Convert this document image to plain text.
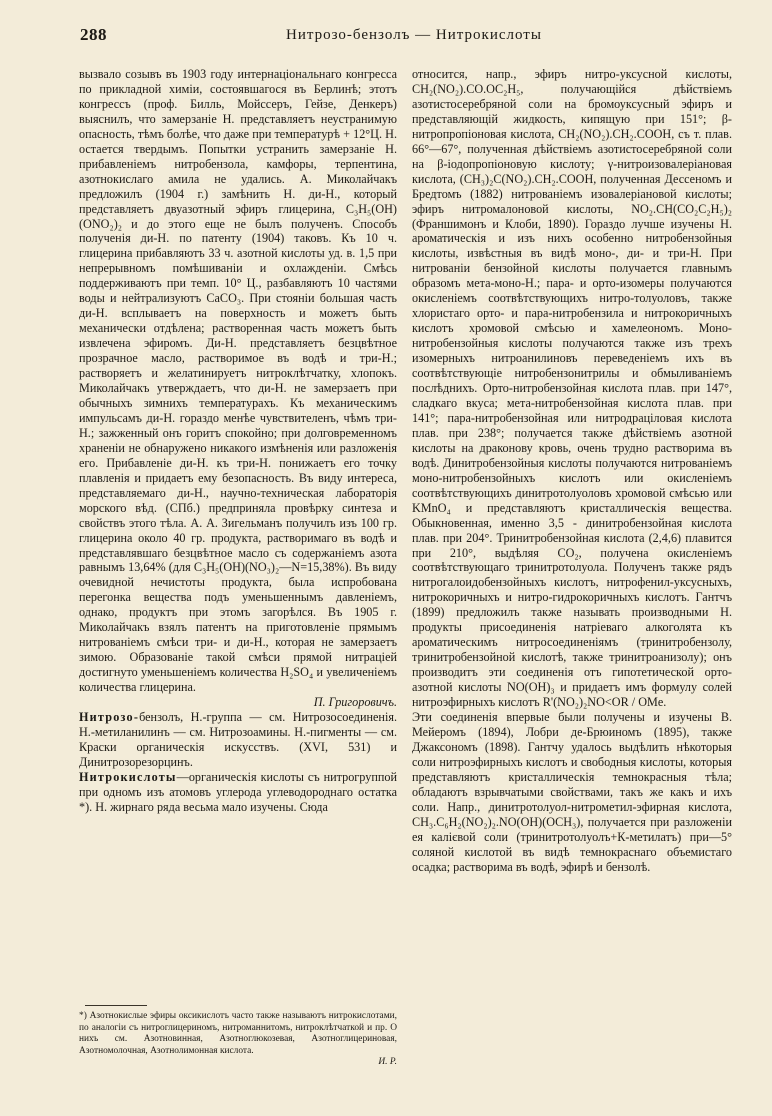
288	Нитрозо-бензолъ — Нитрокислоты

вызвало созывъ въ 1903 году интернаціональнаго конгресса по прикладной химіи, состоявшагося въ Берлинѣ; этотъ конгрессъ (проф. Билль, Мойссеръ, Гейзе, Денкеръ) выяснилъ, что замерзаніе Н. представляетъ неустранимую опасность, тѣмъ болѣе, что даже при температурѣ + 12°Ц. Н. остается твердымъ. Попытки устранить замерзаніе Н. прибавленіемъ нитробензола, камфоры, терпентина, азотнокислаго амила не удались. А. Миколайчакъ предложилъ (1904 г.) замѣнить Н. ди-Н., который представляетъ двуазотный эфиръ глицерина, C₃H₅(OH)(ONO₂)₂ и до этого еще не былъ полученъ. Способъ полученія ди-Н. по патенту (1904) таковъ. Къ 10 ч. глицерина прибавляютъ 33 ч. азотной кислоты уд. в. 1,5 при непрерывномъ помѣшиваніи и охлажденіи. Смѣсь поддерживаютъ при темп. 10° Ц., разбавляютъ 10 частями воды и нейтрализуютъ CaCO₃. При стояніи большая часть ди-Н. всплываетъ на поверхность и можетъ быть механически отдѣлена; растворенная часть можетъ быть извлечена эфиромъ. Ди-Н. представляетъ безцвѣтное прозрачное масло, растворимое въ водѣ и три-Н.; растворяетъ и желатинируетъ нитроклѣтчатку, хлопокъ. Миколайчакъ утверждаетъ, что ди-Н. не замерзаетъ при обычныхъ зимнихъ температурахъ. Къ механическимъ импульсамъ ди-Н. гораздо менѣе чувствителенъ, чѣмъ три-Н.; зажженный онъ горитъ спокойно; при долговременномъ храненіи не обнаружено никакого измѣненія или разложенія его. Прибавленіе ди-Н. къ три-Н. понижаетъ его точку плавленія и придаетъ ему безопасность. Въ виду интереса, представляемаго ди-Н., научно-техническая лабораторія морского вѣд. (СПб.) предприняла провѣрку синтеза и свойствъ этого тѣла. А. А. Зигельманъ получилъ изъ 100 гр. глицерина около 40 гр. продукта, растворимаго въ водѣ и представлявшаго безцвѣтное масло съ содержаніемъ азота равнымъ 13,64% (для C₃H₅(OH)(NO₃)₂—N=15,38%). Въ виду очевидной нечистоты продукта, была испробована перегонка вещества подъ уменьшеннымъ давленіемъ, однако, продуктъ при этомъ загорѣлся. Въ 1905 г. Миколайчакъ взялъ патентъ на приготовленіе прямымъ нитрованіемъ смѣси три- и ди-Н., которая не замерзаетъ зимою. Образованіе такой смѣси прямой нитраціей достигнуто уменьшеніемъ количества H₂SO₄ и увеличеніемъ количества глицерина.

П. Григоровичъ.

Нитрозо-бензолъ, Н.-группа — см. Нитрозосоединенія. Н.-метиланилинъ — см. Нитрозоамины. Н.-пигменты — см. Краски органическія искусствъ. (XVI, 531) и Динитрозорезорцинъ.

Нитрокислоты—органическія кислоты съ нитрогруппой при одномъ изъ атомовъ углерода углеводороднаго остатка *). Н. жирнаго ряда весьма мало изучены. Сюда

*) Азотнокислые эфиры оксикислотъ часто также называютъ нитрокислотами, по аналогіи съ нитроглицериномъ, нитроманнитомъ, нитроклѣтчаткой и пр. О нихъ см. Азотновинная, Азотноглюкозевая, Азотноглицериновая, Азотномолочная, Азотнолимонная кислота.
И. Р.

относится, напр., эфиръ нитро-уксусной кислоты, CH₂(NO₂).CO.OC₂H₅, получающійся дѣйствіемъ азотистосеребряной соли на бромоуксусный эфиръ и представляющій жидкость, кипящую при 151°; β-нитропропіоновая кислота, CH₂(NO₂).CH₂.COOH, съ т. плав. 66°—67°, полученная дѣйствіемъ азотистосеребряной соли на β-іодопропіоновую кислоту; γ-нитроизовалеріановая кислота, (CH₃)₂C(NO₂).CH₂.COOH, полученная Дессеномъ и Бредтомъ (1882) нитрованіемъ изовалеріановой кислоты; эфиръ нитромалоновой кислоты, NO₂.CH(CO₂C₂H₅)₂ (Франшимонъ и Клоби, 1890). Гораздо лучше изучены Н. ароматическія и изъ нихъ особенно нитробензойныя кислоты, извѣстныя въ видѣ моно-, ди- и три-Н. При нитрованіи бензойной кислоты получается главнымъ образомъ мета-моно-Н.; пара- и орто-изомеры получаются окисленіемъ соотвѣтствующихъ нитро-толуоловъ, также хлористаго орто- и пара-нитробензила и нитрокоричныхъ кислотъ хромовой смѣсью и хамелеономъ. Моно-нитробензойныя кислоты получаются также изъ трехъ изомерныхъ нитроанилиновъ переведеніемъ ихъ въ соотвѣтствующіе нитробензонитрилы и обмыливаніемъ послѣднихъ. Орто-нитробензойная кислота плав. при 147°, сладкаго вкуса; мета-нитробензойная кислота плав. при 141°; пара-нитробензойная или нитродраціловая кислота плав. при 238°; получается также дѣйствіемъ азотной кислоты на драконову кровь, очень трудно растворима въ водѣ. Динитробензойныя кислоты получаются нитрованіемъ моно-нитробензойныхъ кислотъ или окисленіемъ соотвѣтствующихъ динитротолуоловъ хромовой смѣсью или KMnO₄ и представляютъ кристаллическія вещества. Обыкновенная, именно 3,5 - динитробензойная кислота плав. при 204°. Тринитробензойная кислота (2,4,6) плавится при 210°, выдѣляя CO₂, получена окисленіемъ соотвѣтствующаго тринитротолуола. Полученъ также рядъ нитрогалоидобензойныхъ кислотъ, нитрофенил-уксусныхъ, нитрокоричныхъ и нитро-гидрокоричныхъ кислотъ. Гантчъ (1899) предложилъ также называть производными Н. продукты присоединенія натріеваго алкоголята къ ароматическимъ нитросоединеніямъ (тринитробензолу, тринитробензойной кислотѣ, также тринитроанизолу); онъ производитъ эти соединенія отъ гипотетической орто-азотной кислоты NO(OH)₃ и придаетъ имъ формулу солей нитроэфирныхъ кислотъ R'(NO₂)₂NO<OR / OMe.

Эти соединенія впервые были получены и изучены В. Мейеромъ (1894), Лобри де-Брюиномъ (1895), также Джаксономъ (1898). Гантчу удалось выдѣлить нѣкоторыя соли нитроэфирныхъ кислотъ и свободныя кислоты, которыя представляютъ кристаллическія темнокрасныя тѣла; обладаютъ взрывчатыми свойствами, такъ же какъ и ихъ соли. Напр., динитротолуол-нитрометил-эфирная кислота, CH₃.C₆H₂(NO₂)₂.NO(OH)(OCH₃), получается при разложеніи ея калієвой соли (тринитротолуолъ+К-метилатъ) при—5° соляной кислотой въ видѣ темнокраснаго объемистаго осадка; растворима въ водѣ, эфирѣ и бензолѣ.
